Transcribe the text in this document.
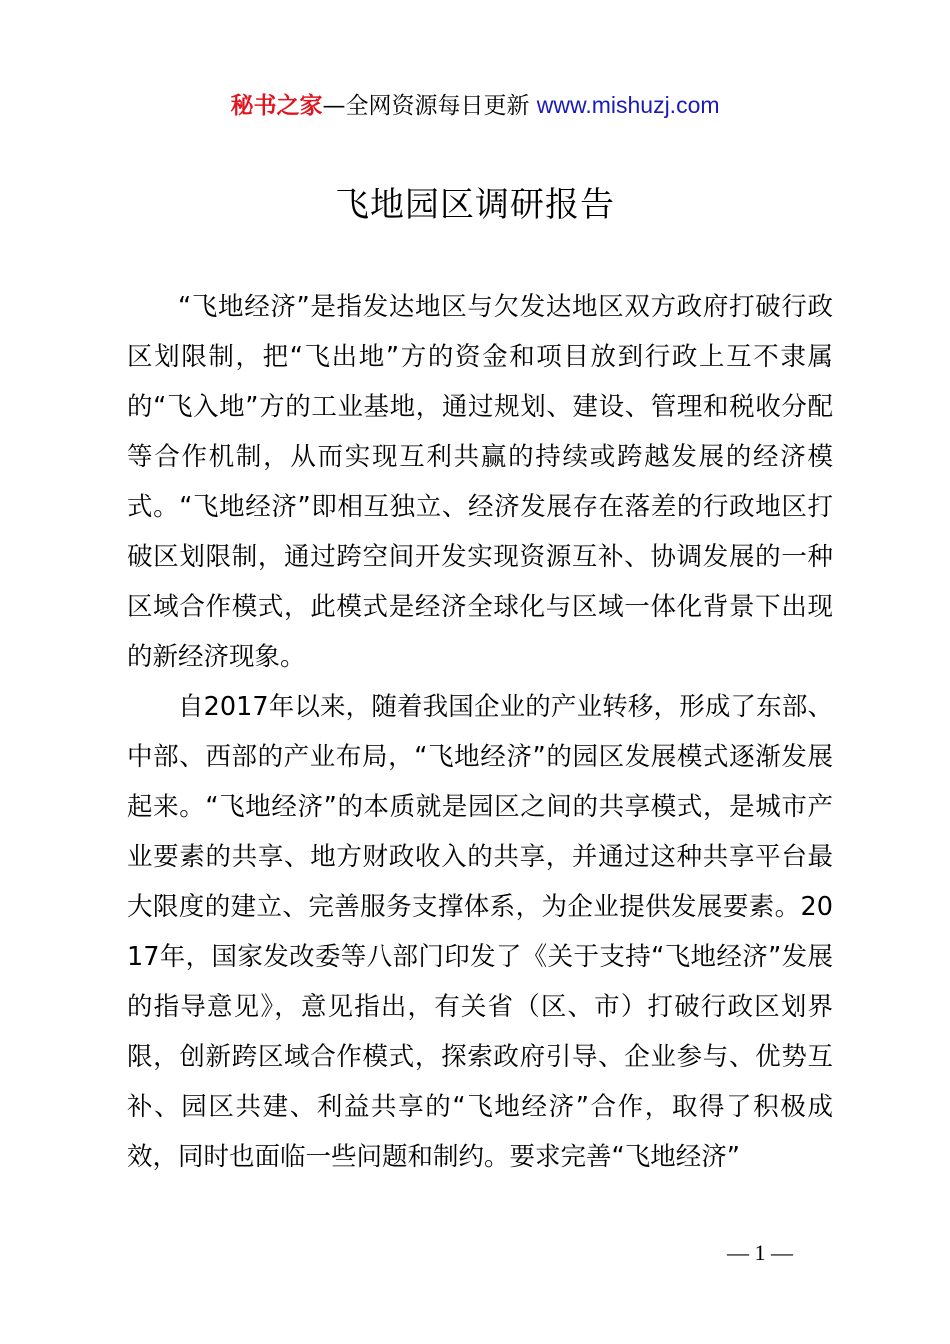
秘书之家—全网资源每日更新 www.mishuzj.com
飞地园区调研报告

“飞地经济”是指发达地区与欠发达地区双方政府打破行政区划限制，把“飞出地”方的资金和项目放到行政上互不隶属的“飞入地”方的工业基地，通过规划、建设、管理和税收分配等合作机制，从而实现互利共赢的持续或跨越发展的经济模式。“飞地经济”即相互独立、经济发展存在落差的行政地区打破区划限制，通过跨空间开发实现资源互补、协调发展的一种区域合作模式，此模式是经济全球化与区域一体化背景下出现的新经济现象。

自2017年以来，随着我国企业的产业转移，形成了东部、中部、西部的产业布局，“飞地经济”的园区发展模式逐渐发展起来。“飞地经济”的本质就是园区之间的共享模式，是城市产业要素的共享、地方财政收入的共享，并通过这种共享平台最大限度的建立、完善服务支撑体系，为企业提供发展要素。2017年，国家发改委等八部门印发了《关于支持“飞地经济”发展的指导意见》，意见指出，有关省（区、市）打破行政区划界限，创新跨区域合作模式，探索政府引导、企业参与、优势互补、园区共建、利益共享的“飞地经济”合作，取得了积极成效，同时也面临一些问题和制约。要求完善“飞地经济”

— 1 —
